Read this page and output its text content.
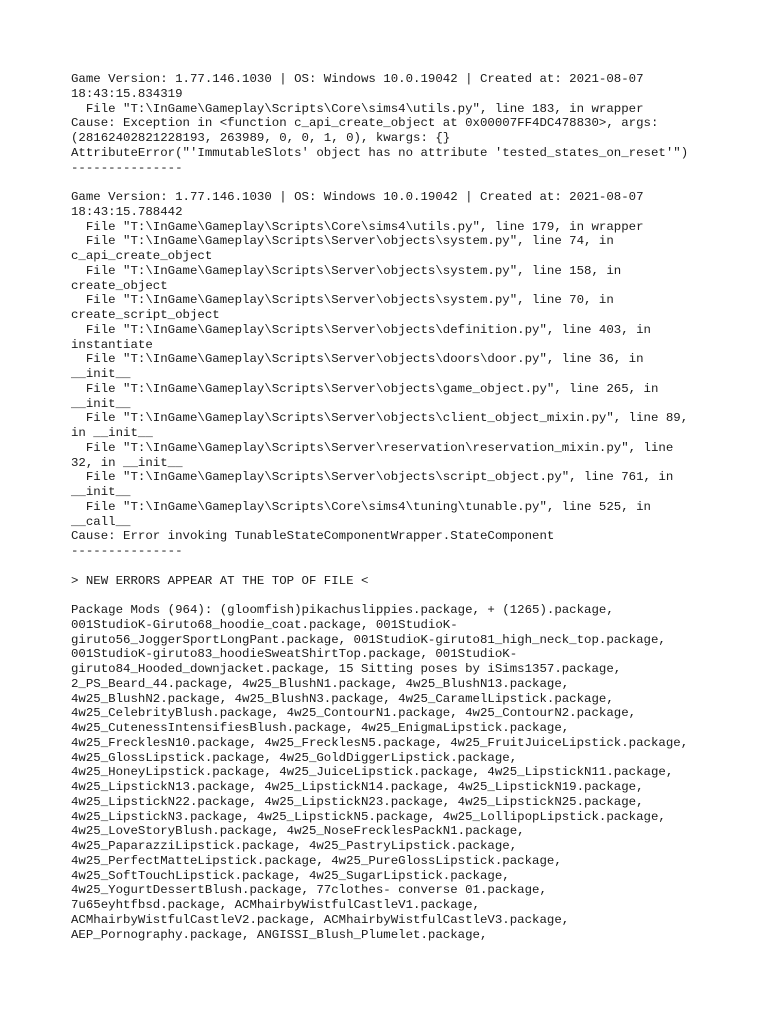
Game Version: 1.77.146.1030 | OS: Windows 10.0.19042 | Created at: 2021-08-07
18:43:15.834319
File "T:\InGame\Gameplay\Scripts\Core\sims4\utils.py", line 183, in wrapper
Cause: Exception in <function c_api_create_object at 0x00007FF4DC478830>, args:
(28162402821228193, 263989, 0, 0, 1, 0), kwargs: {}
AttributeError("'ImmutableSlots' object has no attribute 'tested_states_on_reset'")
---------------
Game Version: 1.77.146.1030 | OS: Windows 10.0.19042 | Created at: 2021-08-07
18:43:15.788442
File "T:\InGame\Gameplay\Scripts\Core\sims4\utils.py", line 179, in wrapper
File "T:\InGame\Gameplay\Scripts\Server\objects\system.py", line 74, in
c_api_create_object
File "T:\InGame\Gameplay\Scripts\Server\objects\system.py", line 158, in
create_object
File "T:\InGame\Gameplay\Scripts\Server\objects\system.py", line 70, in
create_script_object
File "T:\InGame\Gameplay\Scripts\Server\objects\definition.py", line 403, in
instantiate
File "T:\InGame\Gameplay\Scripts\Server\objects\doors\door.py", line 36, in
__init__
File "T:\InGame\Gameplay\Scripts\Server\objects\game_object.py", line 265, in
__init__
File "T:\InGame\Gameplay\Scripts\Server\objects\client_object_mixin.py", line 89,
in __init__
File "T:\InGame\Gameplay\Scripts\Server\reservation\reservation_mixin.py", line
32, in __init__
File "T:\InGame\Gameplay\Scripts\Server\objects\script_object.py", line 761, in
__init__
File "T:\InGame\Gameplay\Scripts\Core\sims4\tuning\tunable.py", line 525, in
__call__
Cause: Error invoking TunableStateComponentWrapper.StateComponent
---------------
> NEW ERRORS APPEAR AT THE TOP OF FILE <
Package Mods (964): (gloomfish)pikachuslippies.package, + (1265).package,
001StudioK-Giruto68_hoodie_coat.package, 001StudioK-
giruto56_JoggerSportLongPant.package, 001StudioK-giruto81_high_neck_top.package,
001StudioK-giruto83_hoodieSweatShirtTop.package, 001StudioK-
giruto84_Hooded_downjacket.package, 15 Sitting poses by iSims1357.package,
2_PS_Beard_44.package, 4w25_BlushN1.package, 4w25_BlushN13.package,
4w25_BlushN2.package, 4w25_BlushN3.package, 4w25_CaramelLipstick.package,
4w25_CelebrityBlush.package, 4w25_ContourN1.package, 4w25_ContourN2.package,
4w25_CutenessIntensifiesBlush.package, 4w25_EnigmaLipstick.package,
4w25_FrecklesN10.package, 4w25_FrecklesN5.package, 4w25_FruitJuiceLipstick.package,
4w25_GlossLipstick.package, 4w25_GoldDiggerLipstick.package,
4w25_HoneyLipstick.package, 4w25_JuiceLipstick.package, 4w25_LipstickN11.package,
4w25_LipstickN13.package, 4w25_LipstickN14.package, 4w25_LipstickN19.package,
4w25_LipstickN22.package, 4w25_LipstickN23.package, 4w25_LipstickN25.package,
4w25_LipstickN3.package, 4w25_LipstickN5.package, 4w25_LollipopLipstick.package,
4w25_LoveStoryBlush.package, 4w25_NoseFrecklesPackN1.package,
4w25_PaparazziLipstick.package, 4w25_PastryLipstick.package,
4w25_PerfectMatteLipstick.package, 4w25_PureGlossLipstick.package,
4w25_SoftTouchLipstick.package, 4w25_SugarLipstick.package,
4w25_YogurtDessertBlush.package, 77clothes- converse 01.package,
7u65eyhtfbsd.package, ACMhairbyWistfulCastleV1.package,
ACMhairbyWistfulCastleV2.package, ACMhairbyWistfulCastleV3.package,
AEP_Pornography.package, ANGISSI_Blush_Plumelet.package,
